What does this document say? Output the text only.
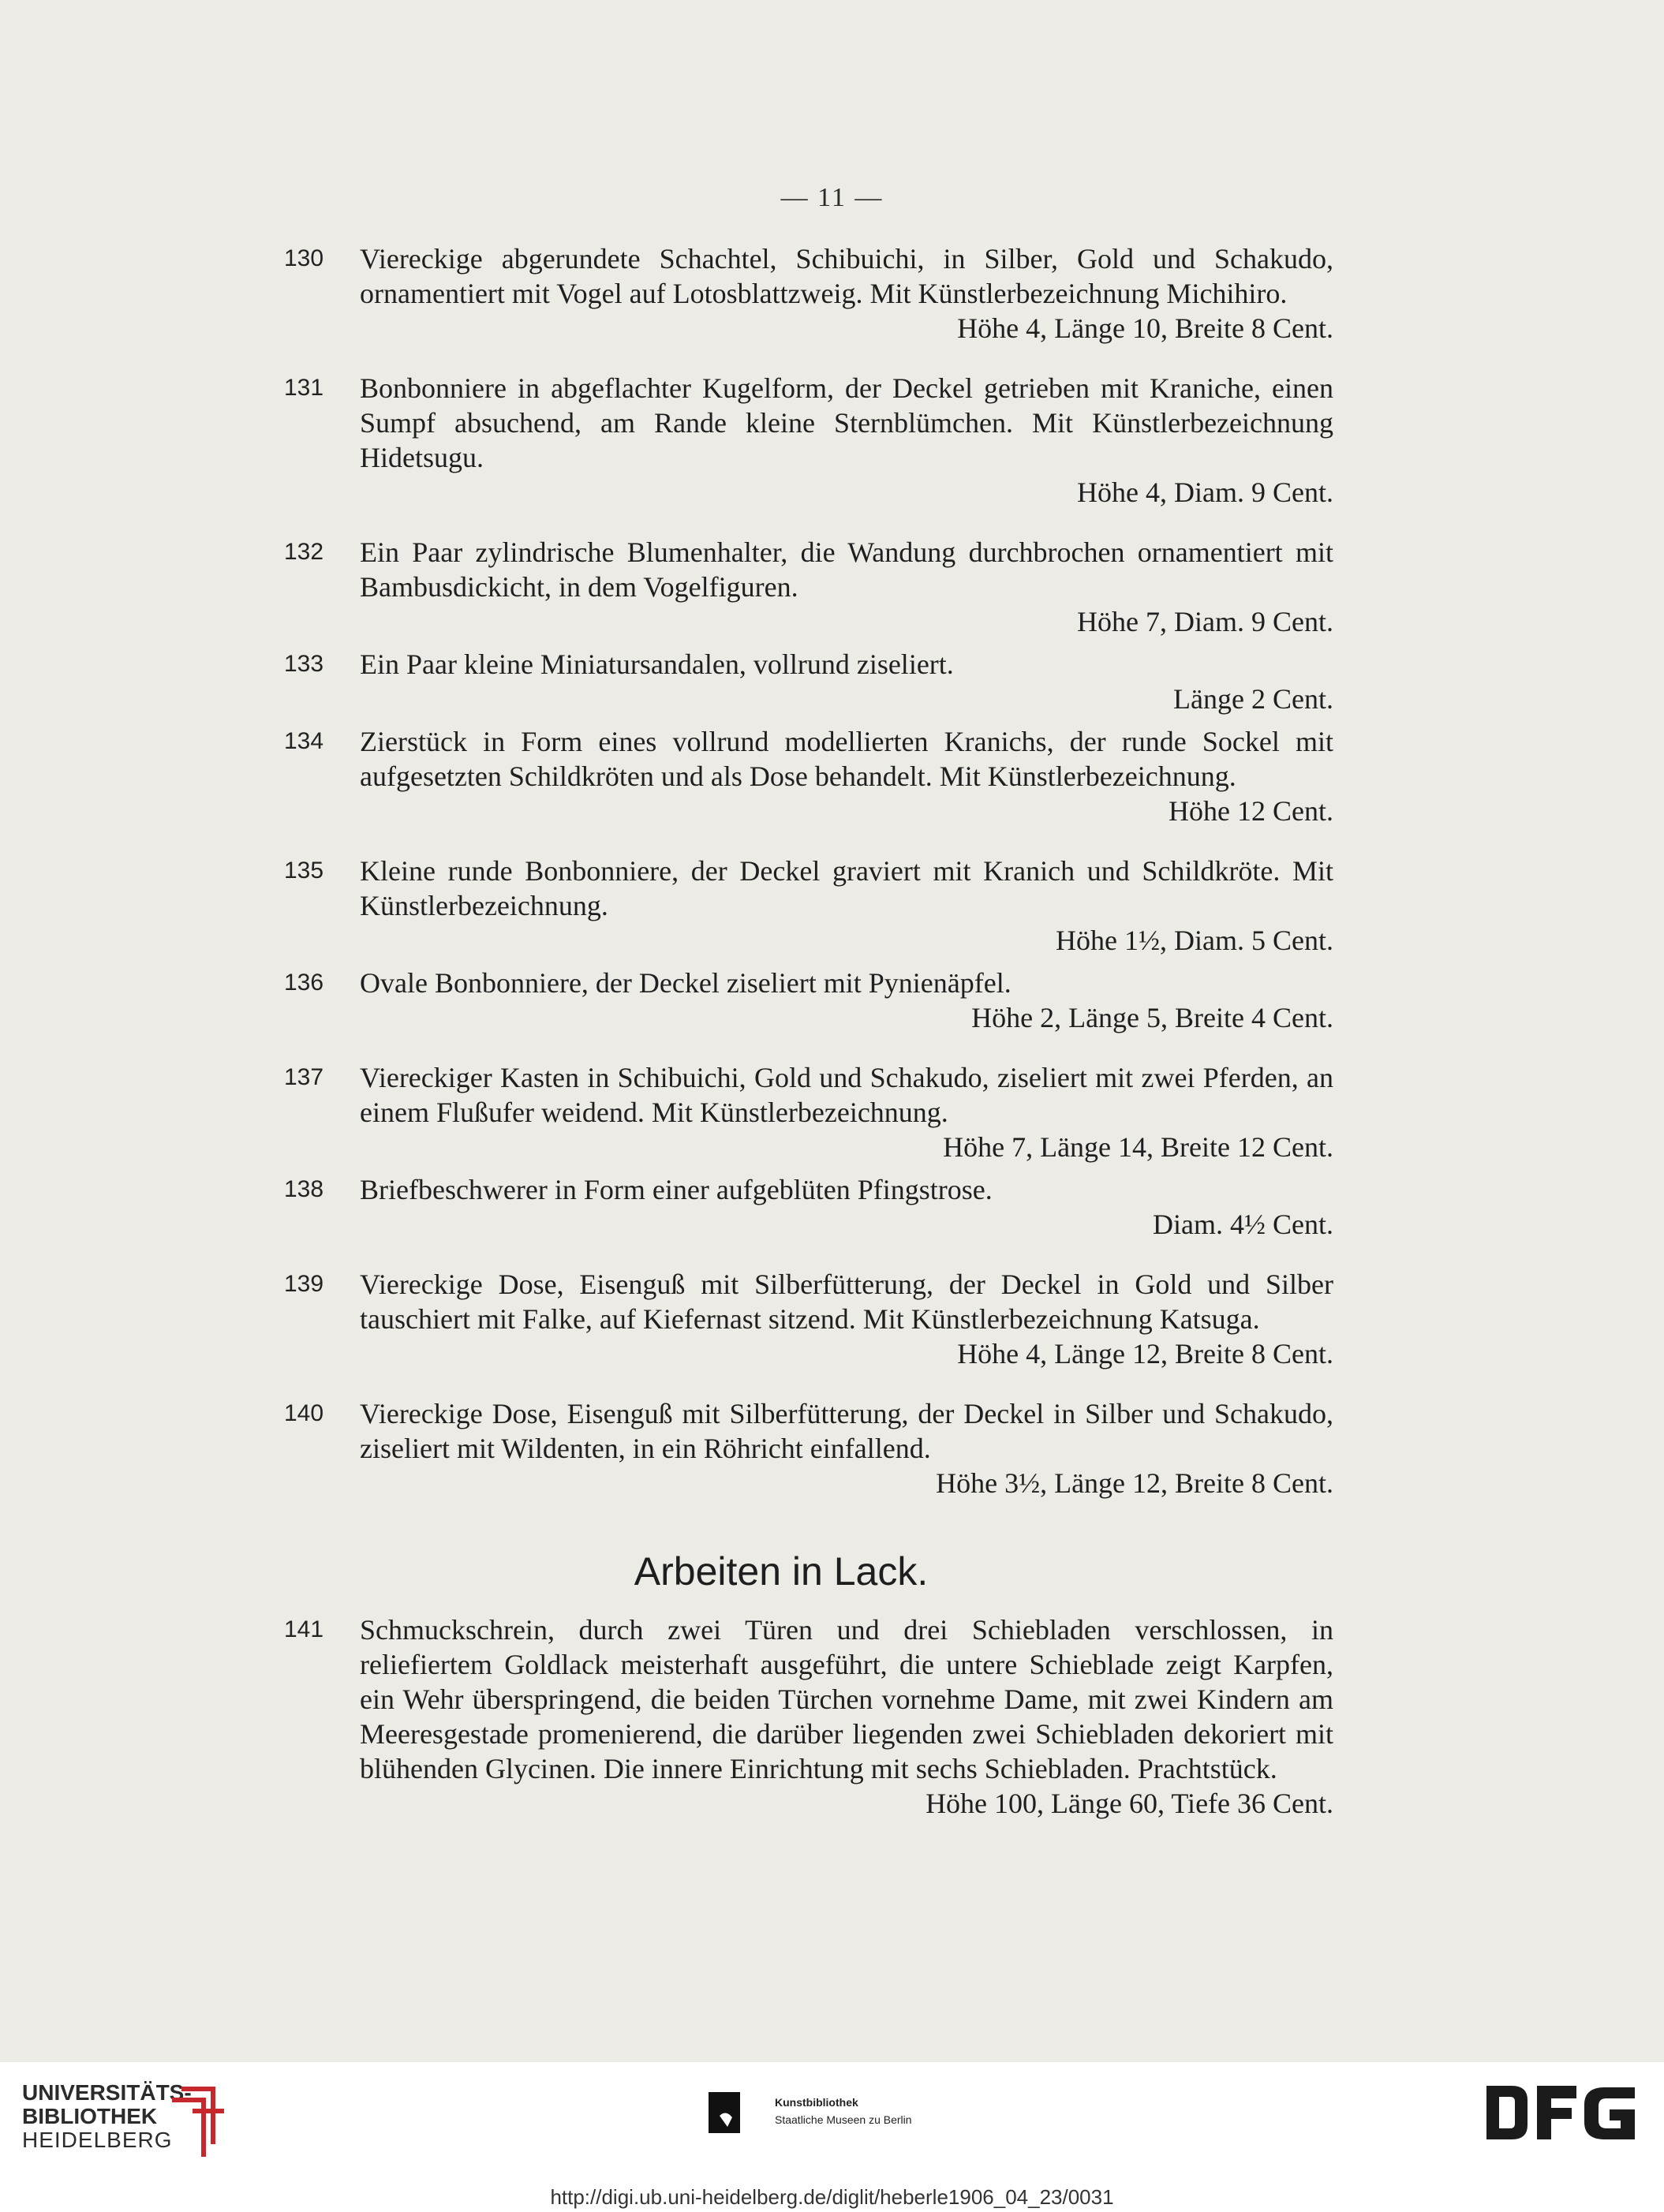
— 11 —
130	Viereckige abgerundete Schachtel, Schibuichi, in Silber, Gold und Schakudo, ornamentiert mit Vogel auf Lotosblattzweig. Mit Künstlerbezeichnung Michihiro.
Höhe 4, Länge 10, Breite 8 Cent.
131	Bonbonniere in abgeflachter Kugelform, der Deckel getrieben mit Kraniche, einen Sumpf absuchend, am Rande kleine Sternblümchen. Mit Künstlerbezeichnung Hidetsugu.
Höhe 4, Diam. 9 Cent.
132	Ein Paar zylindrische Blumenhalter, die Wandung durchbrochen ornamentiert mit Bambusdickicht, in dem Vogelfiguren.
Höhe 7, Diam. 9 Cent.
133	Ein Paar kleine Miniatursandalen, vollrund ziseliert.
Länge 2 Cent.
134	Zierstück in Form eines vollrund modellierten Kranichs, der runde Sockel mit aufgesetzten Schildkröten und als Dose behandelt. Mit Künstlerbezeichnung.
Höhe 12 Cent.
135	Kleine runde Bonbonniere, der Deckel graviert mit Kranich und Schildkröte. Mit Künstlerbezeichnung.
Höhe 1½, Diam. 5 Cent.
136	Ovale Bonbonniere, der Deckel ziseliert mit Pynienäpfel.
Höhe 2, Länge 5, Breite 4 Cent.
137	Viereckiger Kasten in Schibuichi, Gold und Schakudo, ziseliert mit zwei Pferden, an einem Flußufer weidend. Mit Künstlerbezeichnung.
Höhe 7, Länge 14, Breite 12 Cent.
138	Briefbeschwerer in Form einer aufgeblüten Pfingstrose.
Diam. 4½ Cent.
139	Viereckige Dose, Eisenguß mit Silberfütterung, der Deckel in Gold und Silber tauschiert mit Falke, auf Kiefernast sitzend. Mit Künstlerbezeichnung Katsuga.
Höhe 4, Länge 12, Breite 8 Cent.
140	Viereckige Dose, Eisenguß mit Silberfütterung, der Deckel in Silber und Schakudo, ziseliert mit Wildenten, in ein Röhricht einfallend.
Höhe 3½, Länge 12, Breite 8 Cent.
Arbeiten in Lack.
141	Schmuckschrein, durch zwei Türen und drei Schiebladen verschlossen, in reliefiertem Goldlack meisterhaft ausgeführt, die untere Schieblade zeigt Karpfen, ein Wehr überspringend, die beiden Türchen vornehme Dame, mit zwei Kindern am Meeresgestade promenierend, die darüber liegenden zwei Schiebladen dekoriert mit blühenden Glycinen. Die innere Einrichtung mit sechs Schiebladen. Prachtstück.
Höhe 100, Länge 60, Tiefe 36 Cent.
UNIVERSITÄTS-
BIBLIOTHEK
HEIDELBERG
Kunstbibliothek
Staatliche Museen zu Berlin
http://digi.ub.uni-heidelberg.de/diglit/heberle1906_04_23/0031
